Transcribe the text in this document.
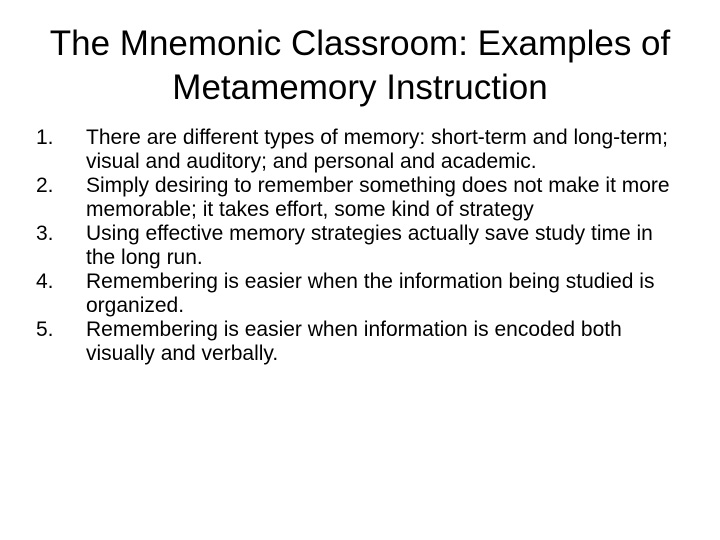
The Mnemonic Classroom: Examples of Metamemory Instruction
1.	There are different types of memory: short-term and long-term; visual and auditory; and personal and academic.
2.	Simply desiring to remember something does not make it more memorable; it takes effort, some kind of strategy
3.	Using effective memory strategies actually save study time in the long run.
4.	Remembering is easier when the information being studied is organized.
5.	Remembering is easier when information is encoded both visually and verbally.
